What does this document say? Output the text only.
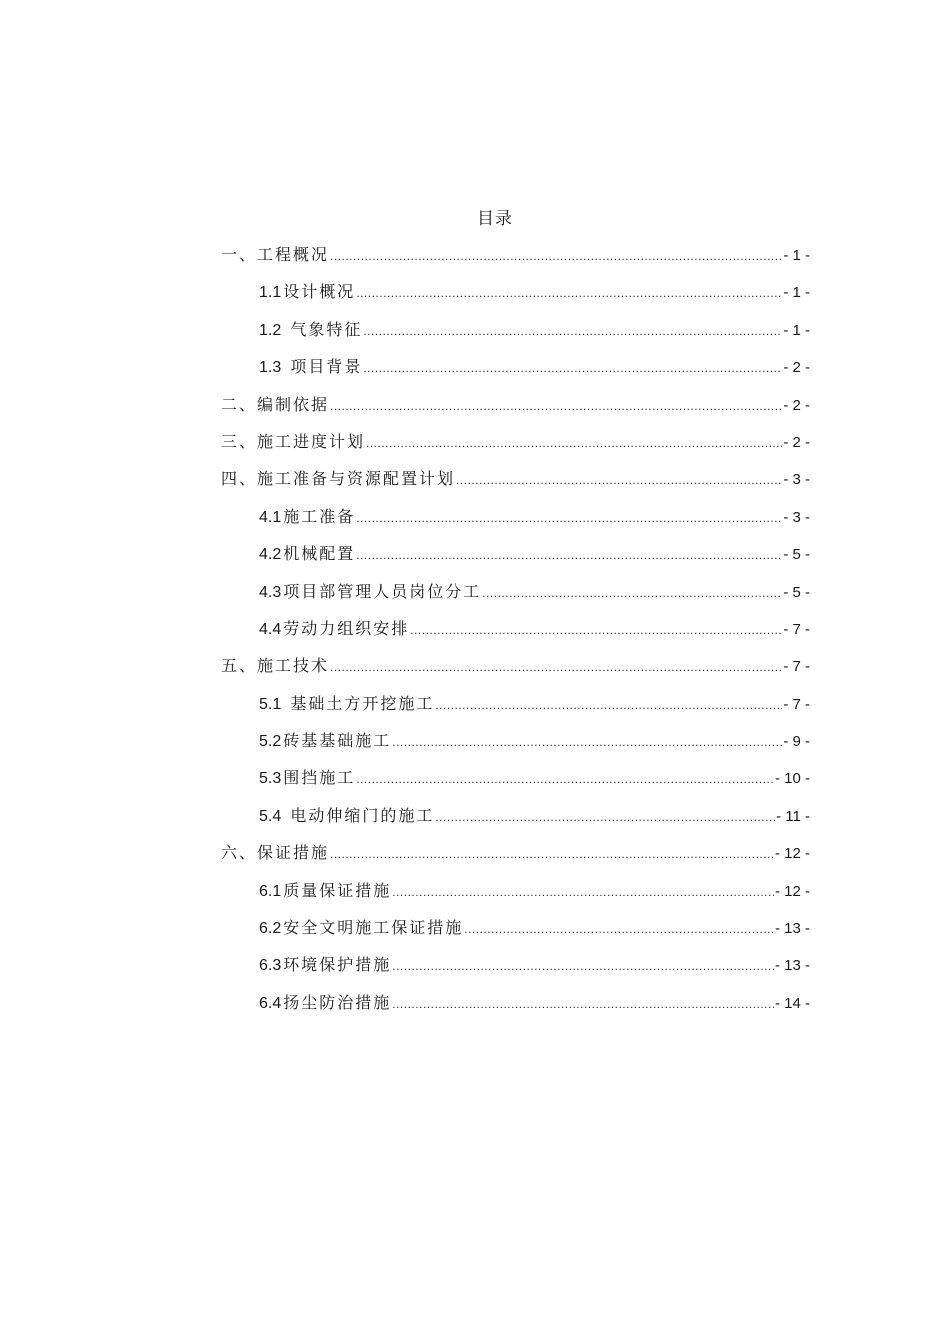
目录
一、工程概况 .....	- 1 -
1.1 设计概况 .....	- 1 -
1.2 气象特征 .....	- 1 -
1.3 项目背景 .....	- 2 -
二、编制依据 .....	- 2 -
三、施工进度计划 .....	- 2 -
四、施工准备与资源配置计划 .....	- 3 -
4.1 施工准备 .....	- 3 -
4.2 机械配置 .....	- 5 -
4.3 项目部管理人员岗位分工 .....	- 5 -
4.4 劳动力组织安排 .....	- 7 -
五、施工技术 .....	- 7 -
5.1 基础土方开挖施工 .....	- 7 -
5.2 砖基基础施工 .....	- 9 -
5.3 围挡施工 .....	- 10 -
5.4 电动伸缩门的施工 .....	- 11 -
六、保证措施 .....	- 12 -
6.1 质量保证措施 .....	- 12 -
6.2 安全文明施工保证措施 .....	- 13 -
6.3 环境保护措施 .....	- 13 -
6.4 扬尘防治措施 .....	- 14 -
